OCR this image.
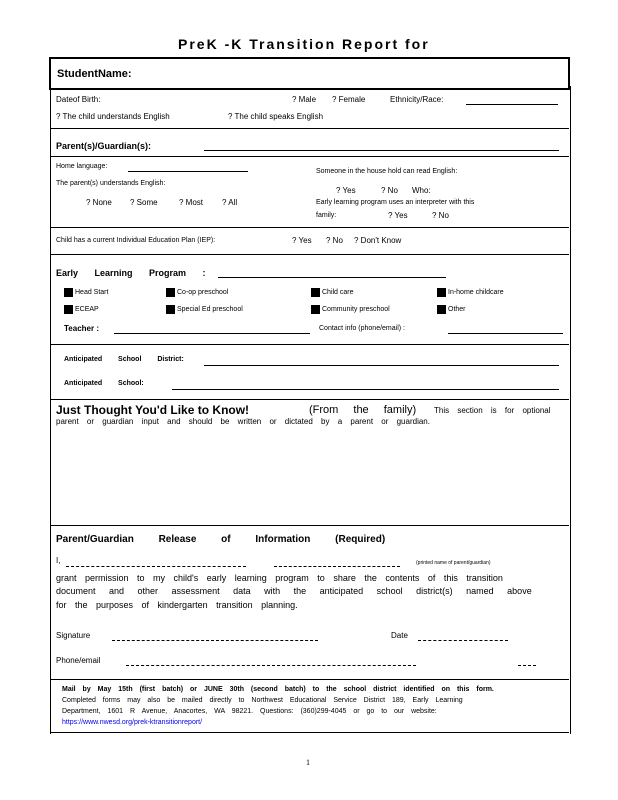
PreK -K Transition Report for
StudentName:
Dateof Birth:	? Male ? Female	Ethnicity/Race:
? The child understands English	? The child speaks English
Parent(s)/Guardian(s):
Home language:
The parent(s) understands English:
? None ? Some	? Most ? All
Someone in the house hold can read English:
? Yes	? No Who:
Early learning program uses an interpreter with this
family:	? Yes	? No
Child has a current Individual Education Plan (IEP):	? Yes ? No ? Don't Know
Early Learning Program :
Head Start	Co-op preschool	Child care	In-home childcare
ECEAP	Special Ed preschool	Community preschool	Other
Teacher :	Contact info (phone/email) :
Anticipated School District:
Anticipated School:
Just Thought You'd Like to Know!	(From the family) This section is for optional
parent or guardian input and should be written or dictated by a parent or guardian.
Parent/Guardian Release of Information (Required)
I,	(printed name of parent/guardian)
grant permission to my child's early learning program to share the contents of this transition
document and other assessment data with the anticipated school district(s) named above
for the purposes of kindergarten transition planning.
Signature	Date
Phone/email
Mail by May 15th (first batch) or JUNE 30th (second batch) to the school district identified on this form.
Completed forms may also be mailed directly to Northwest Educational Service District 189, Early Learning
Department, 1601 R Avenue, Anacortes, WA 98221. Questions: (360)299-4045 or go to our website:
https://www.nwesd.org/prek-ktransitionreport/
1
